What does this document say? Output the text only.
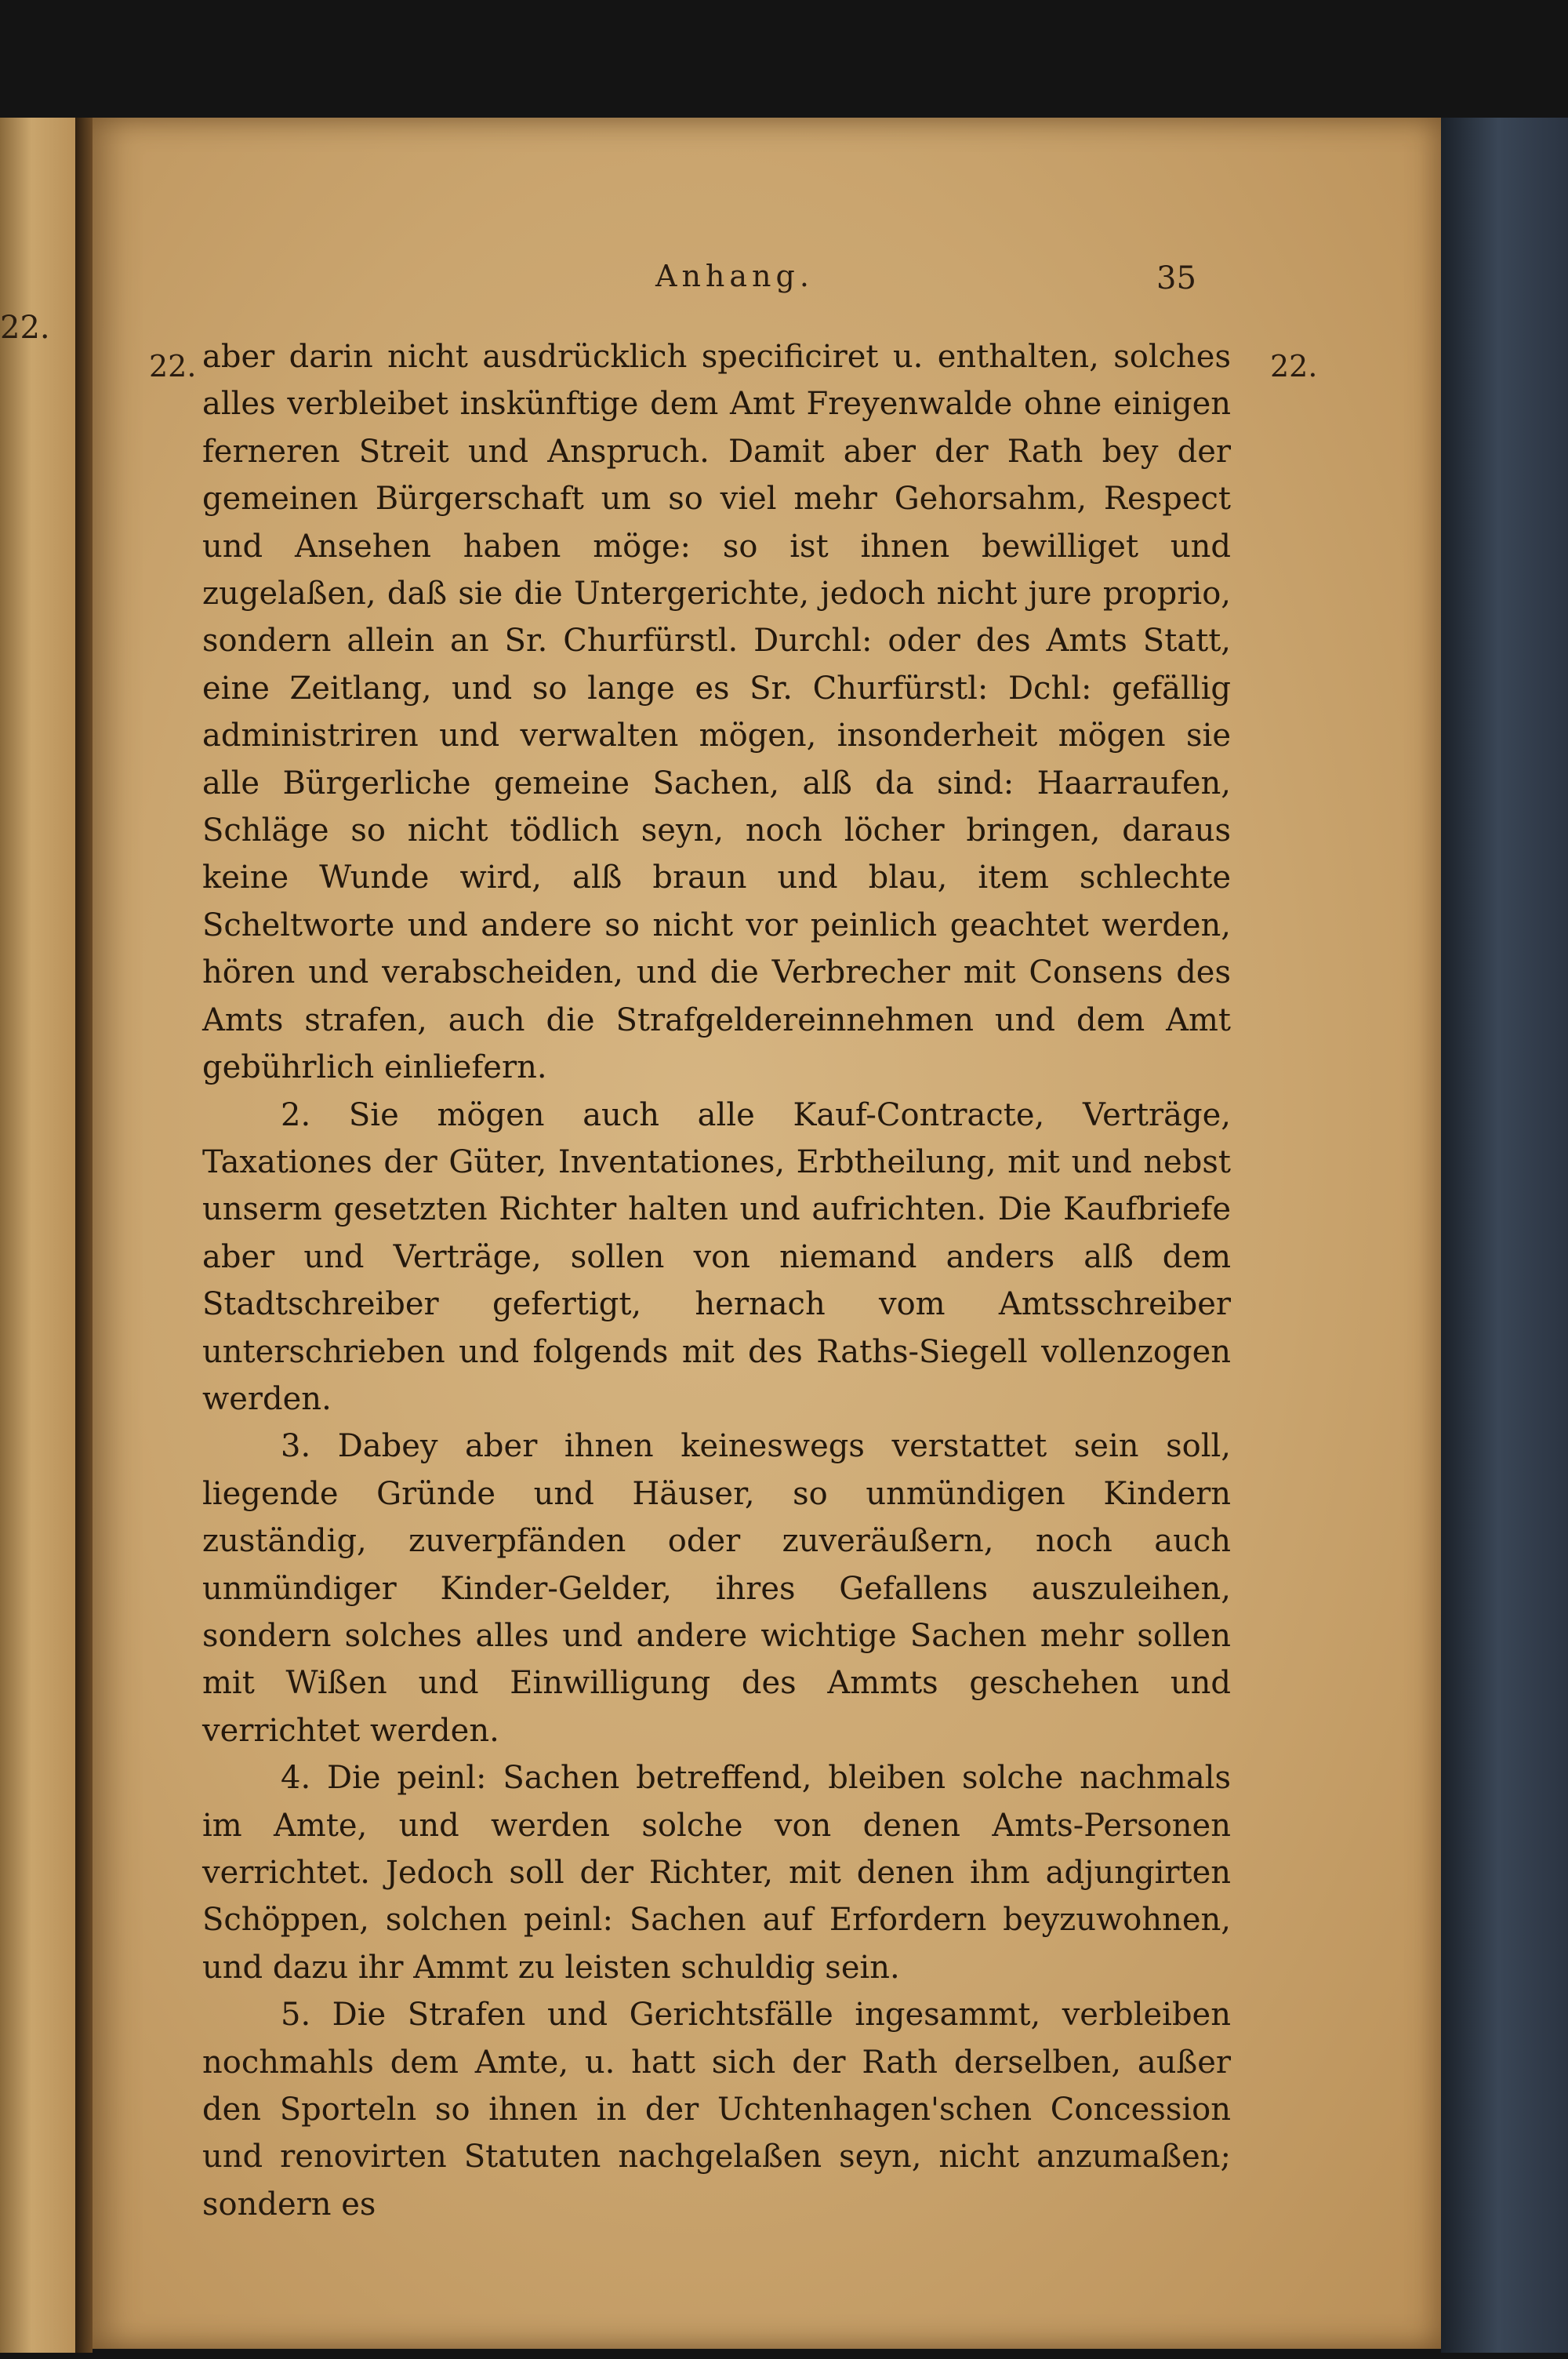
22.
Anhang.	35
22.	22.

aber darin nicht ausdrücklich specificiret u. enthalten, solches alles verbleibet inskünftige dem Amt Freyenwalde ohne einigen ferneren Streit und Anspruch. Damit aber der Rath bey der gemeinen Bürgerschaft um so viel mehr Gehorsahm, Respect und Ansehen haben möge: so ist ihnen bewilliget und zugelaßen, daß sie die Untergerichte, jedoch nicht jure proprio, sondern allein an Sr. Churfürstl. Durchl: oder des Amts Statt, eine Zeitlang, und so lange es Sr. Churfürstl: Dchl: gefällig administriren und verwalten mögen, insonderheit mögen sie alle Bürgerliche gemeine Sachen, alß da sind: Haarraufen, Schläge so nicht tödlich seyn, noch löcher bringen, daraus keine Wunde wird, alß braun und blau, item schlechte Scheltworte und andere so nicht vor peinlich geachtet werden, hören und verabscheiden, und die Verbrecher mit Consens des Amts strafen, auch die Strafgeldereinnehmen und dem Amt gebührlich einliefern.

2. Sie mögen auch alle Kauf-Contracte, Verträge, Taxationes der Güter, Inventationes, Erbtheilung, mit und nebst unserm gesetzten Richter halten und aufrichten. Die Kaufbriefe aber und Verträge, sollen von niemand anders alß dem Stadtschreiber gefertigt, hernach vom Amtsschreiber unterschrieben und folgends mit des Raths-Siegell vollenzogen werden.

3. Dabey aber ihnen keineswegs verstattet sein soll, liegende Gründe und Häuser, so unmündigen Kindern zuständig, zuverpfänden oder zuveräußern, noch auch unmündiger Kinder-Gelder, ihres Gefallens auszuleihen, sondern solches alles und andere wichtige Sachen mehr sollen mit Wißen und Einwilligung des Ammts geschehen und verrichtet werden.

4. Die peinl: Sachen betreffend, bleiben solche nachmals im Amte, und werden solche von denen Amts-Personen verrichtet. Jedoch soll der Richter, mit denen ihm adjungirten Schöppen, solchen peinl: Sachen auf Erfordern beyzuwohnen, und dazu ihr Ammt zu leisten schuldig sein.

5. Die Strafen und Gerichtsfälle ingesammt, verbleiben nochmahls dem Amte, u. hatt sich der Rath derselben, außer den Sporteln so ihnen in der Uchtenhagen'schen Concession und renovirten Statuten nachgelaßen seyn, nicht anzumaßen; sondern es
